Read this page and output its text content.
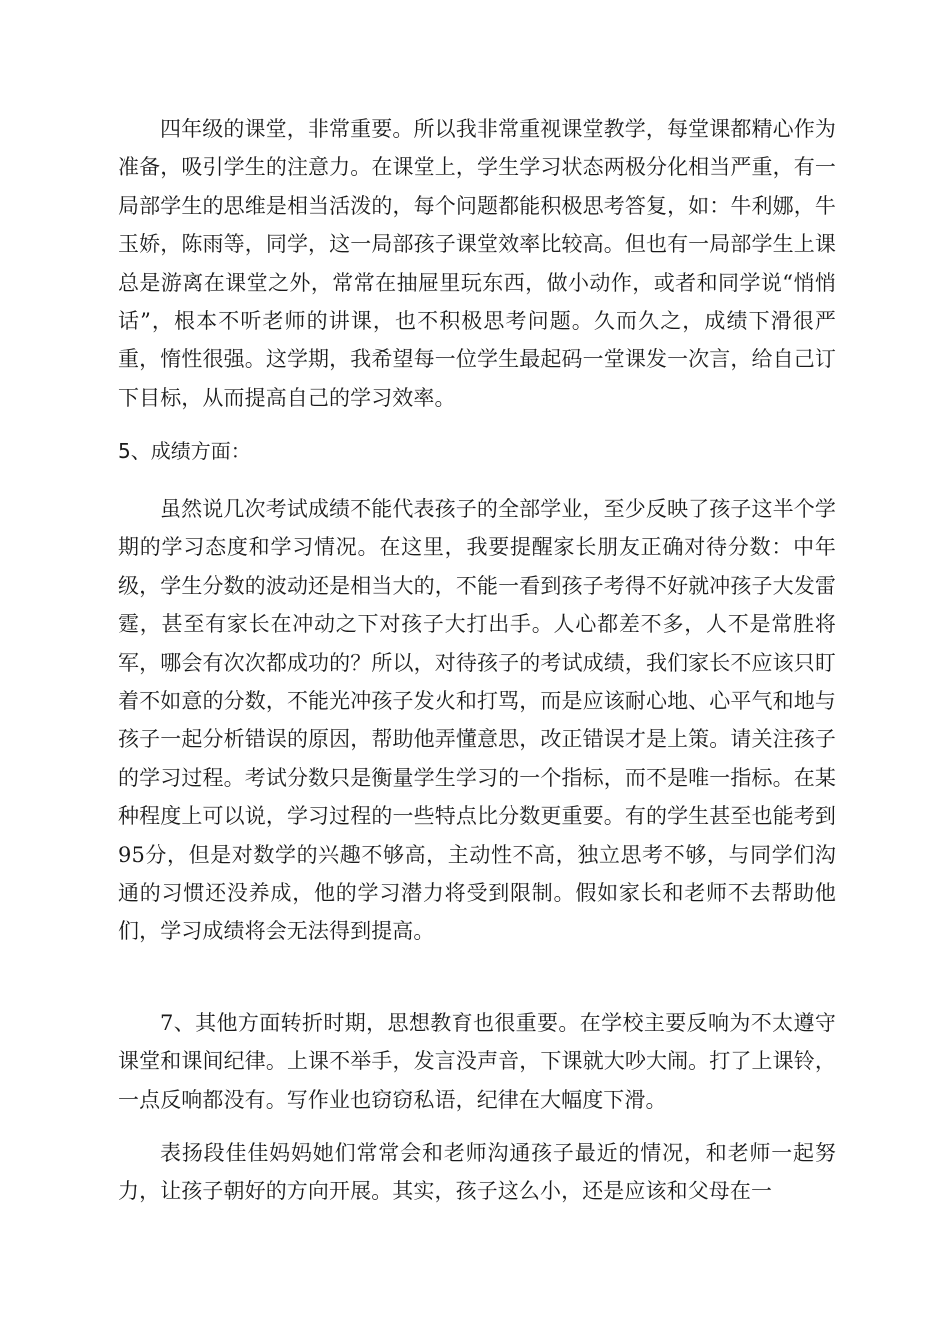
四年级的课堂，非常重要。所以我非常重视课堂教学，每堂课都精心作为准备，吸引学生的注意力。在课堂上，学生学习状态两极分化相当严重，有一局部学生的思维是相当活泼的，每个问题都能积极思考答复，如：牛利娜，牛玉娇，陈雨等，同学，这一局部孩子课堂效率比较高。但也有一局部学生上课总是游离在课堂之外，常常在抽屉里玩东西，做小动作，或者和同学说“悄悄话”，根本不听老师的讲课，也不积极思考问题。久而久之，成绩下滑很严重，惰性很强。这学期，我希望每一位学生最起码一堂课发一次言，给自己订下目标，从而提高自己的学习效率。

5、成绩方面：

虽然说几次考试成绩不能代表孩子的全部学业，至少反映了孩子这半个学期的学习态度和学习情况。在这里，我要提醒家长朋友正确对待分数：中年级，学生分数的波动还是相当大的，不能一看到孩子考得不好就冲孩子大发雷霆，甚至有家长在冲动之下对孩子大打出手。人心都差不多，人不是常胜将军，哪会有次次都成功的？所以，对待孩子的考试成绩，我们家长不应该只盯着不如意的分数，不能光冲孩子发火和打骂，而是应该耐心地、心平气和地与孩子一起分析错误的原因，帮助他弄懂意思，改正错误才是上策。请关注孩子的学习过程。考试分数只是衡量学生学习的一个指标，而不是唯一指标。在某种程度上可以说，学习过程的一些特点比分数更重要。有的学生甚至也能考到95分，但是对数学的兴趣不够高，主动性不高，独立思考不够，与同学们沟通的习惯还没养成，他的学习潜力将受到限制。假如家长和老师不去帮助他们，学习成绩将会无法得到提高。

7、其他方面转折时期，思想教育也很重要。在学校主要反响为不太遵守课堂和课间纪律。上课不举手，发言没声音，下课就大吵大闹。打了上课铃，一点反响都没有。写作业也窃窃私语，纪律在大幅度下滑。

表扬段佳佳妈妈她们常常会和老师沟通孩子最近的情况，和老师一起努力，让孩子朝好的方向开展。其实，孩子这么小，还是应该和父母在一
